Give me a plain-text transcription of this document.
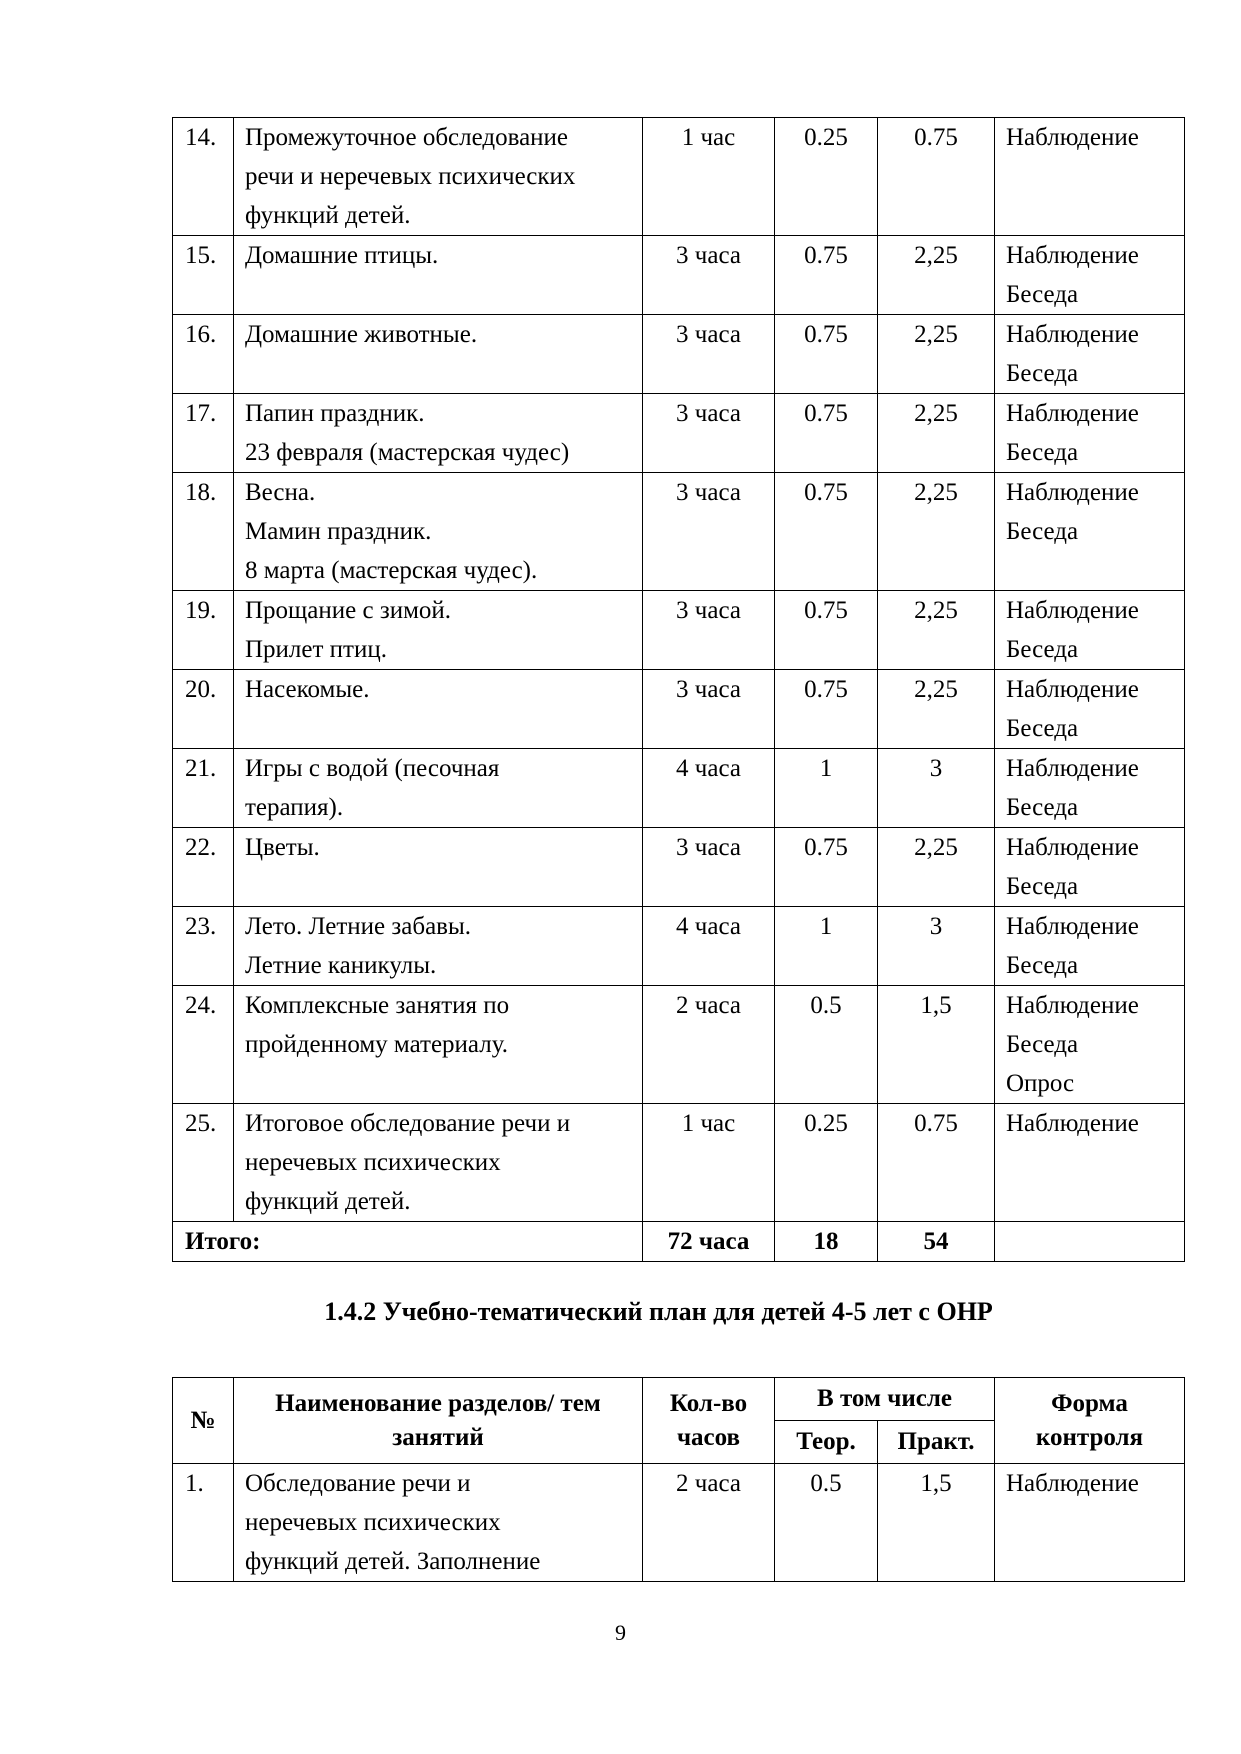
14.	Промежуточное обследование
речи и неречевых психических
функций детей.	1 час	0.25	0.75	Наблюдение

15.	Домашние птицы.	3 часа	0.75	2,25	Наблюдение
Беседа

16.	Домашние животные.	3 часа	0.75	2,25	Наблюдение
Беседа

17.	Папин праздник.
23 февраля (мастерская чудес)	3 часа	0.75	2,25	Наблюдение
Беседа

18.	Весна.
Мамин праздник.
8 марта (мастерская чудес).	3 часа	0.75	2,25	Наблюдение
Беседа

19.	Прощание с зимой.
Прилет птиц.	3 часа	0.75	2,25	Наблюдение
Беседа

20.	Насекомые.	3 часа	0.75	2,25	Наблюдение
Беседа

21.	Игры с водой (песочная
терапия).	4 часа	1	3	Наблюдение
Беседа

22.	Цветы.	3 часа	0.75	2,25	Наблюдение
Беседа

23.	Лето. Летние забавы.
Летние каникулы.	4 часа	1	3	Наблюдение
Беседа

24.	Комплексные занятия по
пройденному материалу.	2 часа	0.5	1,5	Наблюдение
Беседа
Опрос

25.	Итоговое обследование речи и
неречевых психических
функций детей.	1 час	0.25	0.75	Наблюдение

Итого:		72 часа	18	54	
1.4.2 Учебно-тематический план для детей 4-5 лет с ОНР
№	Наименование разделов/ тем занятий	Кол-во часов	В том числе		Форма контроля
			Теор.	Практ.	
1.	Обследование речи и
неречевых психических
функций детей. Заполнение	2 часа	0.5	1,5	Наблюдение
9
